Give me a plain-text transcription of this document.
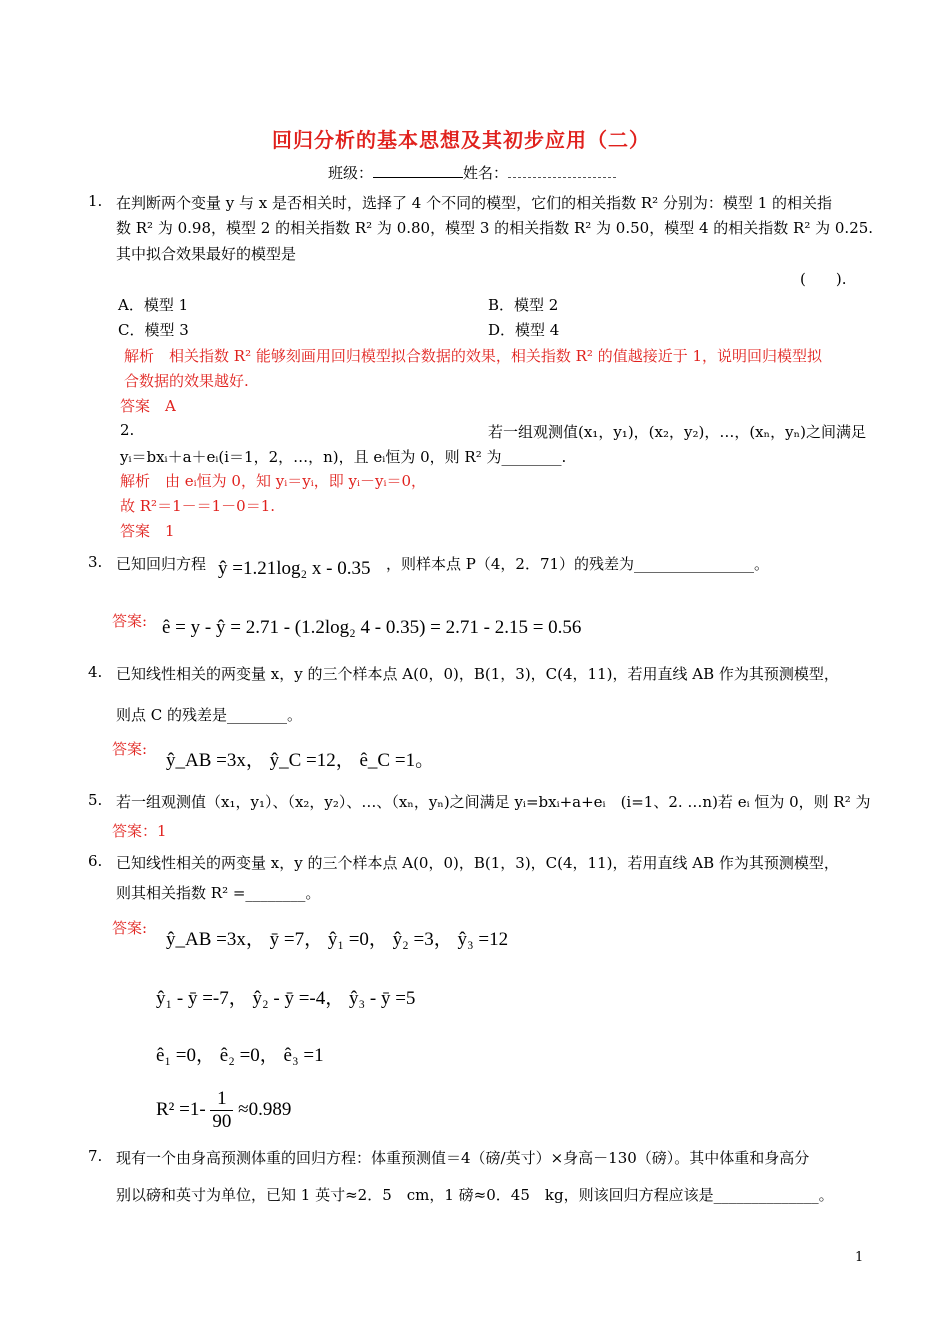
回归分析的基本思想及其初步应用（二）
班级：	姓名：
1. 在判断两个变量 y 与 x 是否相关时，选择了 4 个不同的模型，它们的相关指数 R² 分别为：模型 1 的相关指
数 R² 为 0.98，模型 2 的相关指数 R² 为 0.80，模型 3 的相关指数 R² 为 0.50，模型 4 的相关指数 R² 为 0.25.
其中拟合效果最好的模型是
(　　).
A．模型 1	B．模型 2
C．模型 3	D．模型 4
解析　相关指数 R² 能够刻画用回归模型拟合数据的效果，相关指数 R² 的值越接近于 1，说明回归模型拟
合数据的效果越好.
答案　A
2.	若一组观测值(x₁，y₁)，(x₂，y₂)，…，(xₙ，yₙ)之间满足
yᵢ＝bxᵢ＋a＋eᵢ(i＝1，2，…，n)，且 eᵢ恒为 0，则 R² 为________.
解析　由 eᵢ恒为 0，知 yᵢ＝yᵢ，即 yᵢ－yᵢ＝0，
故 R²＝1－＝1－0＝1.
答案　1
3. 已知回归方程 ŷ =1.21log₂ x - 0.35 ，则样本点 P（4，2．71）的残差为________________。
答案: ê = y - ŷ = 2.71 - (1.2log₂ 4 - 0.35) = 2.71 - 2.15 = 0.56
4. 已知线性相关的两变量 x，y 的三个样本点 A(0，0)，B(1，3)，C(4，11)，若用直线 AB 作为其预测模型，
则点 C 的残差是________。
答案:
ŷ_AB =3x， ŷ_C =12， ê_C =1。
5. 若一组观测值（x₁，y₁）、（x₂，y₂）、…、（xₙ，yₙ)之间满足 yᵢ=bxᵢ+a+eᵢ　(i=1、2. …n)若 eᵢ 恒为 0，则 R² 为
答案：1
6. 已知线性相关的两变量 x，y 的三个样本点 A(0，0)，B(1，3)，C(4，11)，若用直线 AB 作为其预测模型，
则其相关指数 R² =________。
答案:
ŷ_AB =3x， ȳ =7， ŷ₁ =0， ŷ₂ =3， ŷ₃ =12
ŷ₁ - ȳ =-7， ŷ₂ - ȳ =-4， ŷ₃ - ȳ =5
ê₁ =0， ê₂ =0， ê₃ =1
$R^2 =1- \frac{1}{90} \approx 0.989$
7. 现有一个由身高预测体重的回归方程：体重预测值＝4（磅/英寸）×身高－130（磅）。其中体重和身高分
别以磅和英寸为单位，已知 1 英寸≈2．5　cm，1 磅≈0．45　kg，则该回归方程应该是______________。
1
